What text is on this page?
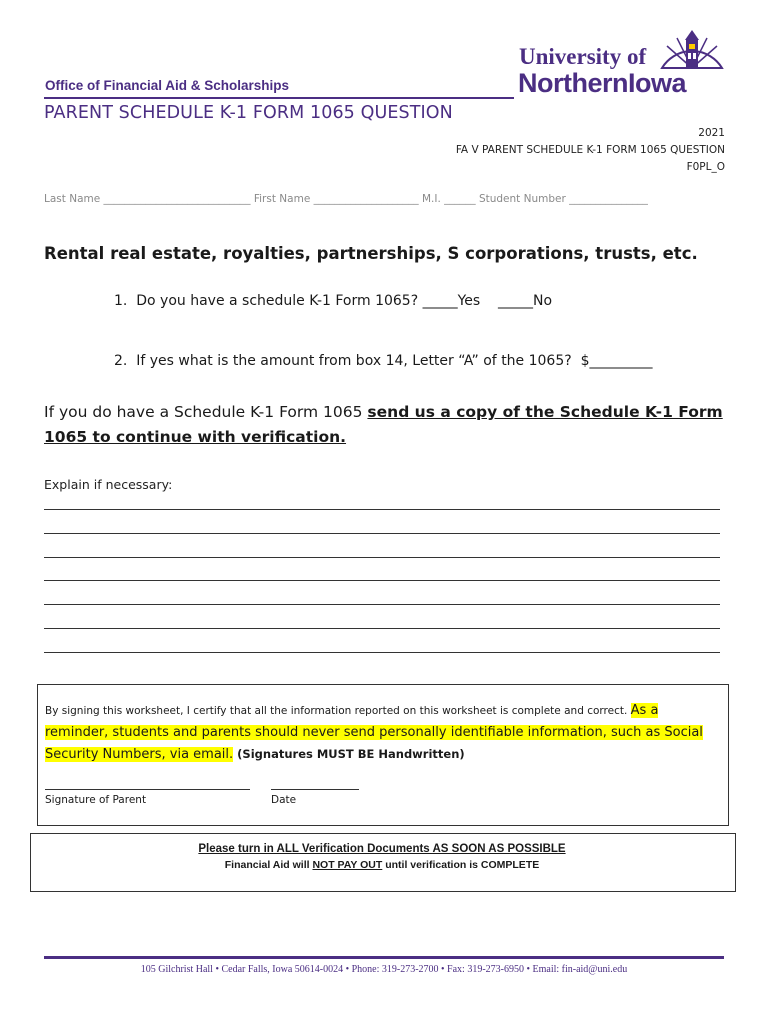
Office of Financial Aid & Scholarships
PARENT SCHEDULE K-1 FORM 1065 QUESTION
University of
NorthernIowa
2021
FA V PARENT SCHEDULE K-1 FORM 1065 QUESTION
F0PL_O
Last Name ____________________________ First Name ____________________ M.I. ______ Student Number _______________
Rental real estate, royalties, partnerships, S corporations, trusts, etc.
1.  Do you have a schedule K-1 Form 1065? _____Yes    _____No
2.  If yes what is the amount from box 14, Letter “A” of the 1065?  $_________
If you do have a Schedule K-1 Form 1065 send us a copy of the Schedule K-1 Form 1065 to continue with verification.
Explain if necessary:
By signing this worksheet, I certify that all the information reported on this worksheet is complete and correct. As a reminder, students and parents should never send personally identifiable information, such as Social Security Numbers, via email. (Signatures MUST BE Handwritten)
Signature of Parent	Date
Please turn in ALL Verification Documents AS SOON AS POSSIBLE
Financial Aid will NOT PAY OUT until verification is COMPLETE
105 Gilchrist Hall • Cedar Falls, Iowa 50614-0024 • Phone: 319-273-2700 • Fax: 319-273-6950 • Email: fin-aid@uni.edu
